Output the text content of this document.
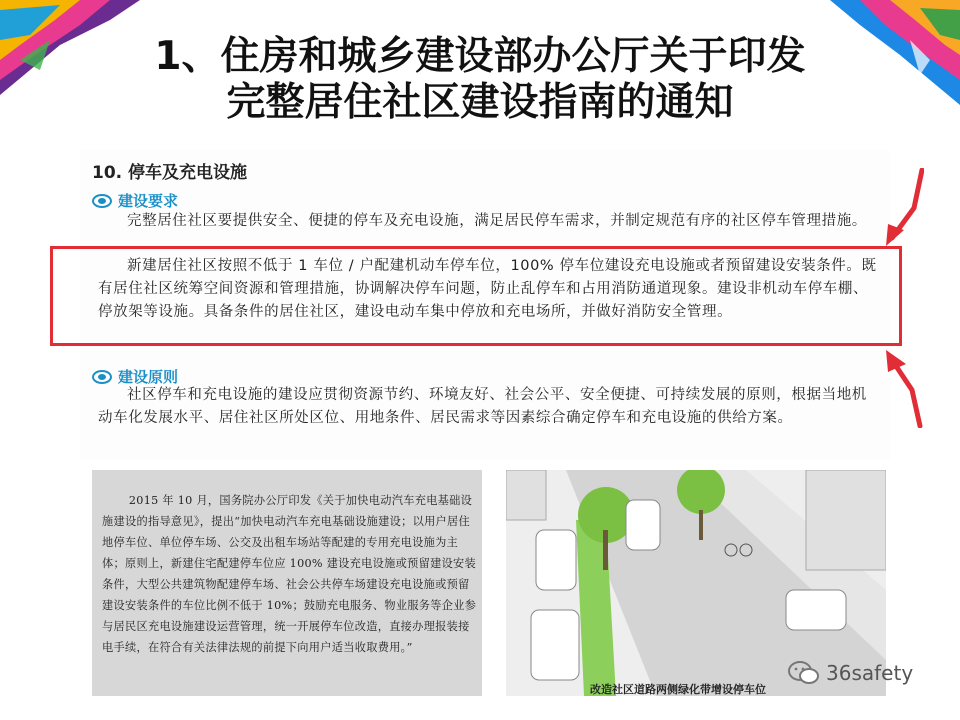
1、住房和城乡建设部办公厅关于印发
完整居住社区建设指南的通知
10. 停车及充电设施
建设要求
完整居住社区要提供安全、便捷的停车及充电设施，满足居民停车需求，并制定规范有序的社区停车管理措施。
新建居住社区按照不低于 1 车位 / 户配建机动车停车位，100% 停车位建设充电设施或者预留建设安装条件。既有居住社区统筹空间资源和管理措施，协调解决停车问题，防止乱停车和占用消防通道现象。建设非机动车停车棚、停放架等设施。具备条件的居住社区，建设电动车集中停放和充电场所，并做好消防安全管理。
建设原则
社区停车和充电设施的建设应贯彻资源节约、环境友好、社会公平、安全便捷、可持续发展的原则，根据当地机动车化发展水平、居住社区所处区位、用地条件、居民需求等因素综合确定停车和充电设施的供给方案。
2015 年 10 月，国务院办公厅印发《关于加快电动汽车充电基础设施建设的指导意见》，提出“加快电动汽车充电基础设施建设；以用户居住地停车位、单位停车场、公交及出租车场站等配建的专用充电设施为主体；原则上，新建住宅配建停车位应 100% 建设充电设施或预留建设安装条件，大型公共建筑物配建停车场、社会公共停车场建设充电设施或预留建设安装条件的车位比例不低于 10%；鼓励充电服务、物业服务等企业参与居民区充电设施建设运营管理，统一开展停车位改造，直接办理报装接电手续，在符合有关法律法规的前提下向用户适当收取费用。”
改造社区道路两侧绿化带增设停车位
36safety
